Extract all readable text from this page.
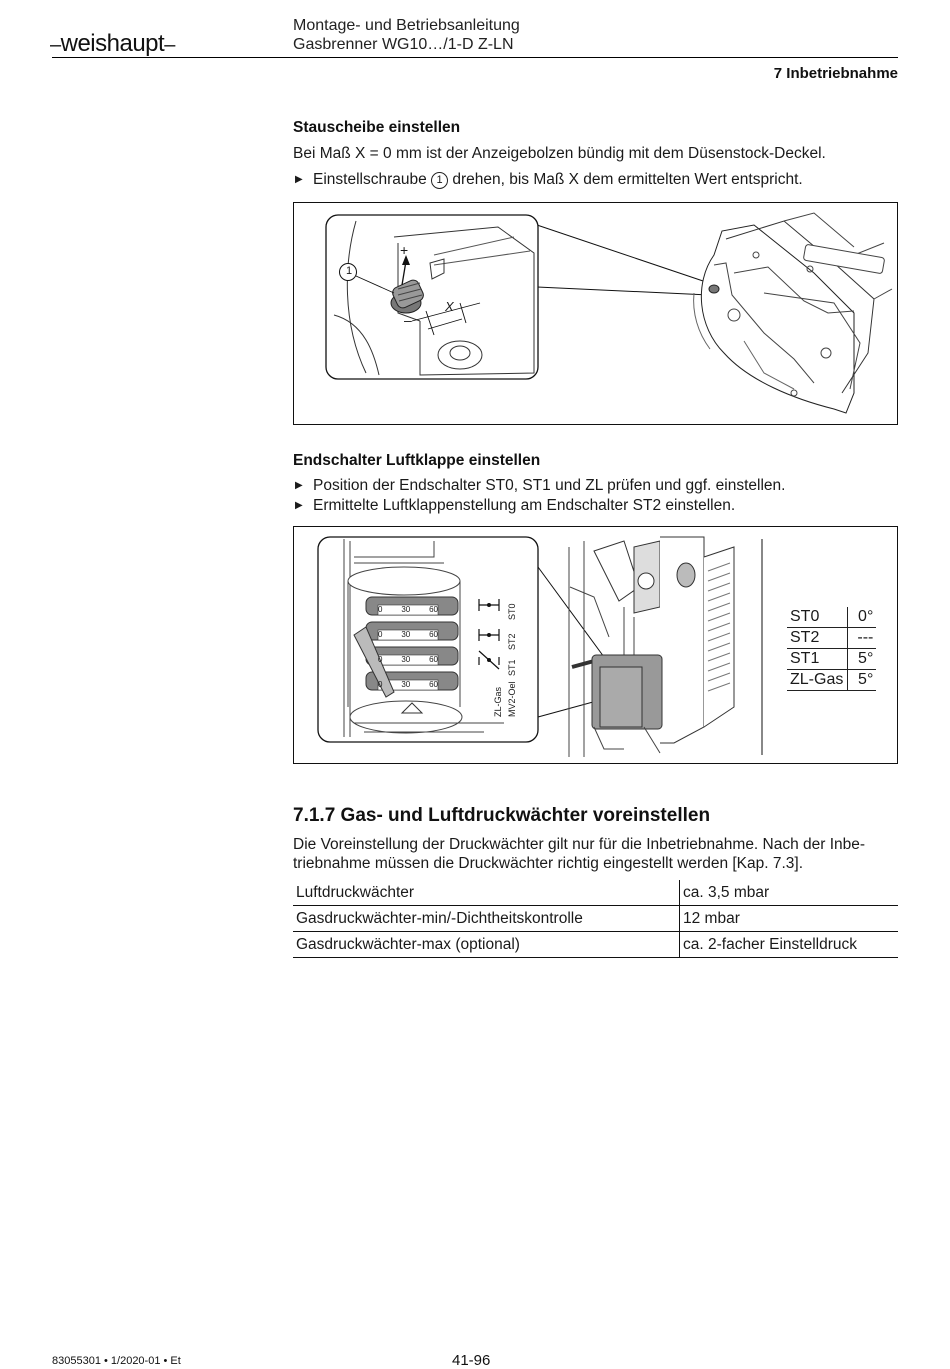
–weishaupt–
Montage- und Betriebsanleitung
Gasbrenner WG10…/1-D Z-LN
7 Inbetriebnahme
Stauscheibe einstellen

Bei Maß X = 0 mm ist der Anzeigebolzen bündig mit dem Düsenstock-Deckel.

▶ Einstellschraube 1 drehen, bis Maß X dem ermittelten Wert entspricht.

1
+
–
X
Endschalter Luftklappe einstellen

▶ Position der Endschalter ST0, ST1 und ZL prüfen und ggf. einstellen.

▶ Ermittelte Luftklappenstellung am Endschalter ST2 einstellen.

0 30 60
0 30 60
0 30 60
0 30 60
ST0
ST2
ST1
ZL-Gas MV2-Oel
ST0	0°
ST2	---
ST1	5°
ZL-Gas	5°
7.1.7 Gas- und Luftdruckwächter voreinstellen

Die Voreinstellung der Druckwächter gilt nur für die Inbetriebnahme. Nach der Inbe-

triebnahme müssen die Druckwächter richtig eingestellt werden [Kap. 7.3].

Luftdruckwächter	ca. 3,5 mbar
Gasdruckwächter-min/-Dichtheitskontrolle	12 mbar
Gasdruckwächter-max (optional)	ca. 2-facher Einstelldruck
83055301 • 1/2020-01 • Et	41-96
